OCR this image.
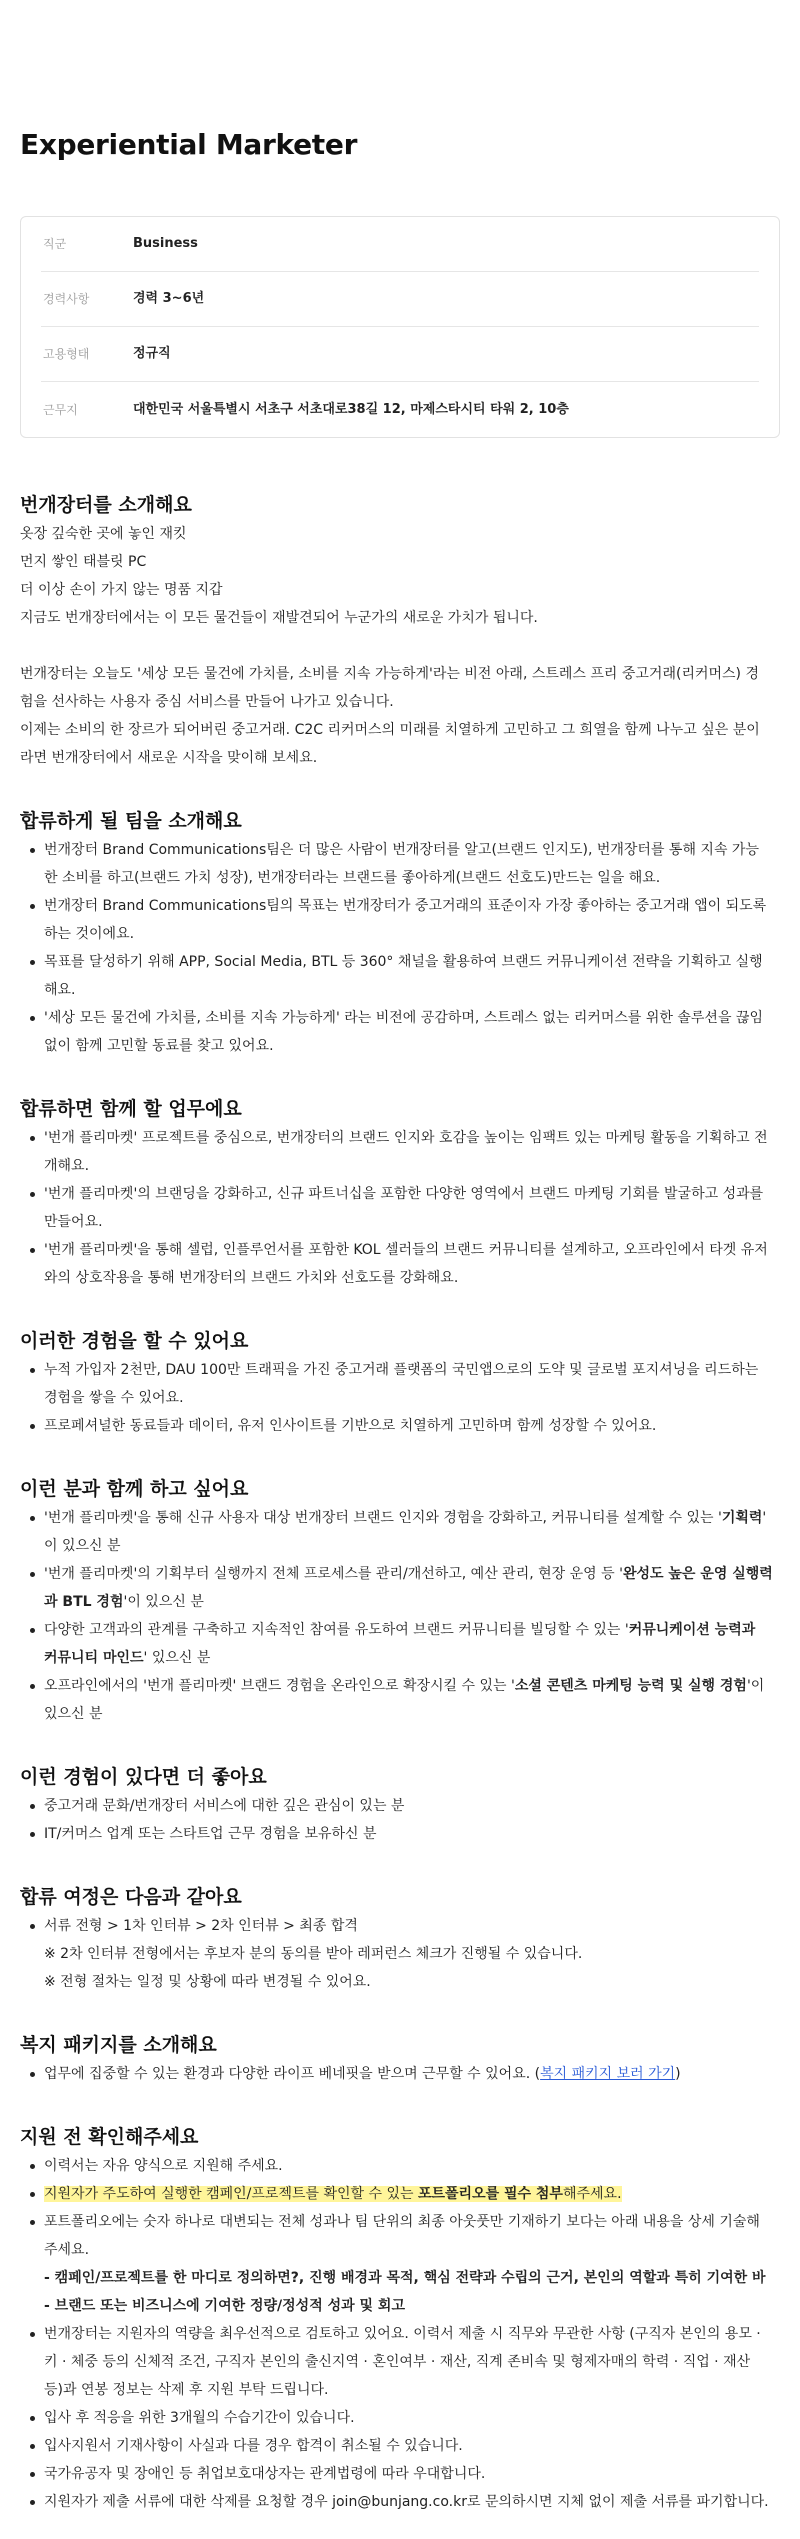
Experiential Marketer
직군	Business
경력사항	경력 3~6년
고용형태	정규직
근무지	대한민국 서울특별시 서초구 서초대로38길 12, 마제스타시티 타워 2, 10층
번개장터를 소개해요

옷장 깊숙한 곳에 놓인 재킷

먼지 쌓인 태블릿 PC

더 이상 손이 가지 않는 명품 지갑

지금도 번개장터에서는 이 모든 물건들이 재발견되어 누군가의 새로운 가치가 됩니다.

번개장터는 오늘도 '세상 모든 물건에 가치를, 소비를 지속 가능하게'라는 비전 아래, 스트레스 프리 중고거래(리커머스) 경

험을 선사하는 사용자 중심 서비스를 만들어 나가고 있습니다.

이제는 소비의 한 장르가 되어버린 중고거래. C2C 리커머스의 미래를 치열하게 고민하고 그 희열을 함께 나누고 싶은 분이

라면 번개장터에서 새로운 시작을 맞이해 보세요.

합류하게 될 팀을 소개해요
번개장터 Brand Communications팀은 더 많은 사람이 번개장터를 알고(브랜드 인지도), 번개장터를 통해 지속 가능
한 소비를 하고(브랜드 가치 성장), 번개장터라는 브랜드를 좋아하게(브랜드 선호도)만드는 일을 해요.
번개장터 Brand Communications팀의 목표는 번개장터가 중고거래의 표준이자 가장 좋아하는 중고거래 앱이 되도록
하는 것이에요.
목표를 달성하기 위해 APP, Social Media, BTL 등 360° 채널을 활용하여 브랜드 커뮤니케이션 전략을 기획하고 실행
해요.
'세상 모든 물건에 가치를, 소비를 지속 가능하게' 라는 비전에 공감하며, 스트레스 없는 리커머스를 위한 솔루션을 끊임
없이 함께 고민할 동료를 찾고 있어요.
합류하면 함께 할 업무에요
'번개 플리마켓' 프로젝트를 중심으로, 번개장터의 브랜드 인지와 호감을 높이는 임팩트 있는 마케팅 활동을 기획하고 전
개해요.
'번개 플리마켓'의 브랜딩을 강화하고, 신규 파트너십을 포함한 다양한 영역에서 브랜드 마케팅 기회를 발굴하고 성과를
만들어요.
'번개 플리마켓'을 통해 셀럽, 인플루언서를 포함한 KOL 셀러들의 브랜드 커뮤니티를 설계하고, 오프라인에서 타겟 유저
와의 상호작용을 통해 번개장터의 브랜드 가치와 선호도를 강화해요.
이러한 경험을 할 수 있어요
누적 가입자 2천만, DAU 100만 트래픽을 가진 중고거래 플랫폼의 국민앱으로의 도약 및 글로벌 포지셔닝을 리드하는
경험을 쌓을 수 있어요.
프로페셔널한 동료들과 데이터, 유저 인사이트를 기반으로 치열하게 고민하며 함께 성장할 수 있어요.
이런 분과 함께 하고 싶어요
'번개 플리마켓'을 통해 신규 사용자 대상 번개장터 브랜드 인지와 경험을 강화하고, 커뮤니티를 설계할 수 있는 '기획력'
이 있으신 분
'번개 플리마켓'의 기획부터 실행까지 전체 프로세스를 관리/개선하고, 예산 관리, 현장 운영 등 '완성도 높은 운영 실행력
과 BTL 경험'이 있으신 분
다양한 고객과의 관계를 구축하고 지속적인 참여를 유도하여 브랜드 커뮤니티를 빌딩할 수 있는 '커뮤니케이션 능력과
커뮤니티 마인드' 있으신 분
오프라인에서의 '번개 플리마켓' 브랜드 경험을 온라인으로 확장시킬 수 있는 '소셜 콘텐츠 마케팅 능력 및 실행 경험'이
있으신 분
이런 경험이 있다면 더 좋아요
중고거래 문화/번개장터 서비스에 대한 깊은 관심이 있는 분
IT/커머스 업계 또는 스타트업 근무 경험을 보유하신 분
합류 여정은 다음과 같아요
서류 전형 > 1차 인터뷰 > 2차 인터뷰 > 최종 합격

※ 2차 인터뷰 전형에서는 후보자 분의 동의를 받아 레퍼런스 체크가 진행될 수 있습니다.

※ 전형 절차는 일정 및 상황에 따라 변경될 수 있어요.

복지 패키지를 소개해요
업무에 집중할 수 있는 환경과 다양한 라이프 베네핏을 받으며 근무할 수 있어요. (복지 패키지 보러 가기)
지원 전 확인해주세요
이력서는 자유 양식으로 지원해 주세요.
지원자가 주도하여 실행한 캠페인/프로젝트를 확인할 수 있는 포트폴리오를 필수 첨부해주세요.
포트폴리오에는 숫자 하나로 대변되는 전체 성과나 팀 단위의 최종 아웃풋만 기재하기 보다는 아래 내용을 상세 기술해
주세요.
- 캠페인/프로젝트를 한 마디로 정의하면?, 진행 배경과 목적, 핵심 전략과 수립의 근거, 본인의 역할과 특히 기여한 바
- 브랜드 또는 비즈니스에 기여한 정량/정성적 성과 및 회고
번개장터는 지원자의 역량을 최우선적으로 검토하고 있어요. 이력서 제출 시 직무와 무관한 사항 (구직자 본인의 용모 ·
키 · 체중 등의 신체적 조건, 구직자 본인의 출신지역 · 혼인여부 · 재산, 직계 존비속 및 형제자매의 학력 · 직업 · 재산
등)과 연봉 정보는 삭제 후 지원 부탁 드립니다.
입사 후 적응을 위한 3개월의 수습기간이 있습니다.
입사지원서 기재사항이 사실과 다를 경우 합격이 취소될 수 있습니다.
국가유공자 및 장애인 등 취업보호대상자는 관계법령에 따라 우대합니다.
지원자가 제출 서류에 대한 삭제를 요청할 경우 join@bunjang.co.kr로 문의하시면 지체 없이 제출 서류를 파기합니다.
